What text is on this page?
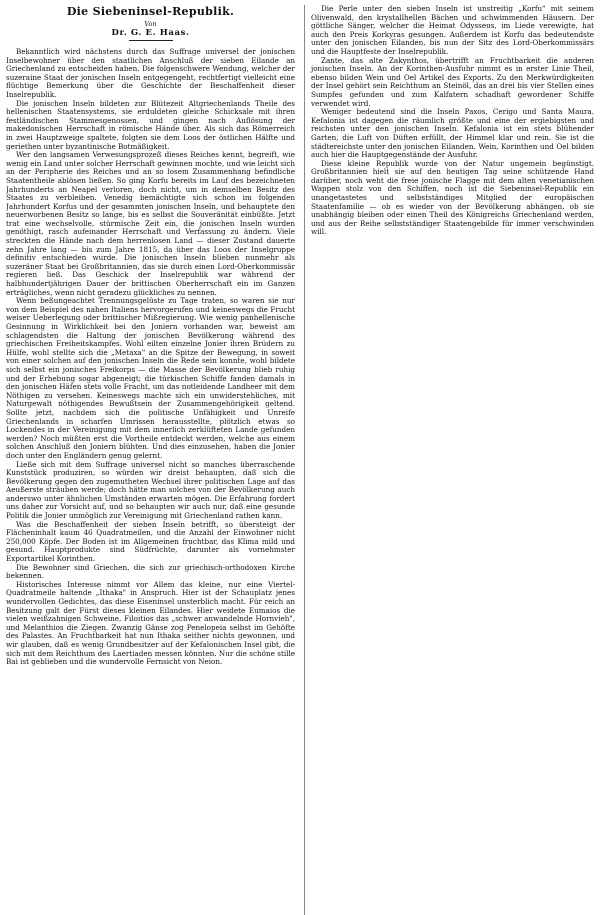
Die Siebeninsel-Republik.
Von
Dr. G. E. Haas.

Bekanntlich wird nächstens durch das Suffrage universel der jonischen Inselbewohner über den staatlichen Anschluß der sieben Eilande an Griechenland zu entscheiden haben. Die folgenschwere Wendung, welcher der suzeraine Staat der jonischen Inseln entgegengeht, rechtfertigt vielleicht eine flüchtige Bemerkung über die Geschichte der Beschaffenheit dieser Inselrepublik.

Die jonischen Inseln bildeten zur Blütezeit Altgriechenlands Theile des hellenischen Staatensystems, sie erduldeten gleiche Schicksale mit ihren festländischen Stammesgenossen, und gingen nach Auflösung der makedonischen Herrschaft in römische Hände über. Als sich das Römerreich in zwei Hauptzweige spaltete, folgten sie dem Loos der östlichen Hälfte und geriethen unter byzantinische Botmäßigkeit.

Wer den langsamen Verwesungsprozeß dieses Reiches kennt, begreift, wie wenig ein Land unter solcher Herrschaft gewinnen mochte, und wie leicht sich an der Peripherie des Reiches und an so losem Zusammenhang befindliche Staatentheile ablösen ließen. So ging Korfu bereits im Lauf des bezeichneten Jahrhunderts an Neapel verloren, doch nicht, um in demselben Besitz des Staates zu verbleiben. Venedig bemächtigte sich schon im folgenden Jahrhundert Korfus und der gesammten jonischen Inseln, und behauptete den neuerworbenen Besitz so lange, bis es selbst die Souveränität einbüßte. Jetzt trat eine wechselvolle, stürmische Zeit ein, die jonischen Inseln wurden genöthigt, rasch aufeinander Herrschaft und Verfassung zu ändern. Viele streckten die Hände nach dem herrenlosen Land — dieser Zustand dauerte zehn Jahre lang — bis zum Jahre 1815, da über das Loos der Inselgruppe definitiv entschieden wurde. Die jonischen Inseln blieben nunmehr als suzeräner Staat bei Großbritannien, das sie durch einen Lord-Oberkommissär regieren ließ. Das Geschick der Inselrepublik war während der halbhundertjährigen Dauer der brittischen Oberherrschaft ein im Ganzen erträgliches, wenn nicht geradezu glückliches zu nennen.

Wenn beßungeachtet Trennungsgelüste zu Tage traten, so waren sie nur von dem Beispiel des nahen Italiens hervorgerufen und keineswegs die Frucht weiser Ueberlegung oder brittischer Mißregierung. Wie wenig panhellenische Gesinnung in Wirklichkeit bei den Joniern vorhanden war, beweist am schlagendsten die Haltung der jonischen Bevölkerung während des griechischen Freiheitskampfes. Wohl eilten einzelne Jonier ihren Brüdern zu Hülfe, wohl stellte sich die „Metaxa" an die Spitze der Bewegung, in soweit von einer solchen auf den jonischen Inseln die Rede sein konnte, wohl bildete sich selbst ein jonisches Freikorps — die Masse der Bevölkerung blieb ruhig und der Erhebung sogar abgeneigt; die türkischen Schiffe fanden damals in den jonischen Häfen stets volle Fracht, um das notleidende Landheer mit dem Nöthigen zu versehen. Keineswegs machte sich ein unwiderstehliches, mit Naturgewalt nöthigendes Bewußtsein der Zusammengehörigkeit geltend. Sollte jetzt, nachdem sich die politische Unfähigkeit und Unreife Griechenlands in scharfen Umrissen herausstellte, plötzlich etwas so Lockendes in der Vereinigung mit dem innerlich zerklüfteten Lande gefunden werden? Noch müßten erst die Vortheile entdeckt werden, welche aus einem solchen Anschluß den Joniern blühten. Und dies einzusehen, haben die Jonier doch unter den Engländern genug gelernt.

Ließe sich mit dem Suffrage universel nicht so manches überraschende Kunststück produziren, so würden wir dreist behaupten, daß sich die Bevölkerung gegen den zugemutheten Wechsel ihrer politischen Lage auf das Aeußerste sträuben werde; doch hätte man solches von der Bevölkerung auch anderswo unter ähnlichen Umständen erwarten mögen. Die Erfahrung fordert uns daher zur Vorsicht auf, und so behaupten wir auch nur, daß eine gesunde Politik die Jonier unmöglich zur Vereinigung mit Griechenland rathen kann.

Was die Beschaffenheit der sieben Inseln betrifft, so übersteigt der Flächeninhalt kaum 46 Quadratmeilen, und die Anzahl der Einwohner nicht 250,000 Köpfe. Der Boden ist im Allgemeinen fruchtbar, das Klima mild und gesund. Hauptprodukte sind Südfrüchte, darunter als vornehmster Exportartikel Korinthen.

Die Bewohner sind Griechen, die sich zur griechisch-orthodoxen Kirche bekennen.

Historisches Interesse nimmt vor Allem das kleine, nur eine Viertel-Quadratmeile haltende „Ithaka" in Anspruch. Hier ist der Schauplatz jenes wundervollen Gedichtes, das diese Eiseninsel unsterblich macht. Für reich an Besitzung galt der Fürst dieses kleinen Eilandes. Hier weidete Eumaios die vielen weißzahnigen Schweine, Filoitios das „schwer anwandelnde Hornvieh", und Melanthios die Ziegen. Zwanzig Gänse zog Penelopeia selbst im Gehöfte des Palastes. An Fruchtbarkeit hat nun Ithaka seither nichts gewonnen, und wir glauben, daß es wenig Grundbesitzer auf der Kefalonischen Insel gibt, die sich mit dem Reichthum des Laertiaden messen könnten. Nur die schöne stille Bai ist geblieben und die wundervolle Fernsicht von Neion.

Die Perle unter den sieben Inseln ist unstreitig „Korfu" mit seinem Olivenwald, den krystallhellen Bächen und schwimmenden Häusern. Der göttliche Sänger, welcher die Heimat Odysseus, im Liede verewigte, hat auch den Preis Korkyras gesungen. Außerdem ist Korfu das bedeutendste unter den jonischen Eilanden, bis nun der Sitz des Lord-Oberkommissärs und die Hauptfeste der Inselrepublik.

Zante, das alte Zakynthos, übertrifft an Fruchtbarkeit die anderen jonischen Inseln. An der Korinthen-Ausfuhr nimmt es in erster Linie Theil, ebenso bilden Wein und Oel Artikel des Exports. Zu den Merkwürdigkeiten der Insel gehört sein Reichthum an Steinöl, das an drei bis vier Stellen eines Sumpfes gefunden und zum Kalfatern schadhaft gewordener Schiffe verwendet wird.

Weniger bedeutend sind die Inseln Paxos, Cerigo und Santa Maura. Kefalonia ist dagegen die räumlich größte und eine der ergiebigsten und reichsten unter den jonischen Inseln. Kefalonia ist ein stets blühender Garten, die Luft von Düften erfüllt, der Himmel klar und rein. Sie ist die städtereichste unter den jonischen Eilanden. Wein, Korinthen und Oel bilden auch hier die Hauptgegenstände der Ausfuhr.

Diese kleine Republik wurde von der Natur ungemein begünstigt. Großbritannien hielt sie auf den heutigen Tag seine schützende Hand darüber, noch weht die freie jonische Flagge mit dem alten venetianischen Wappen stolz von den Schiffen, noch ist die Siebeninsel-Republik ein unangetastetes und selbstständiges Mitglied der europäischen Staatenfamilie — ob es wieder von der Bevölkerung abhängen, ob sie unabhängig bleiben oder einen Theil des Königreichs Griechenland werden, und aus der Reihe selbstständiger Staatengebilde für immer verschwinden will.
